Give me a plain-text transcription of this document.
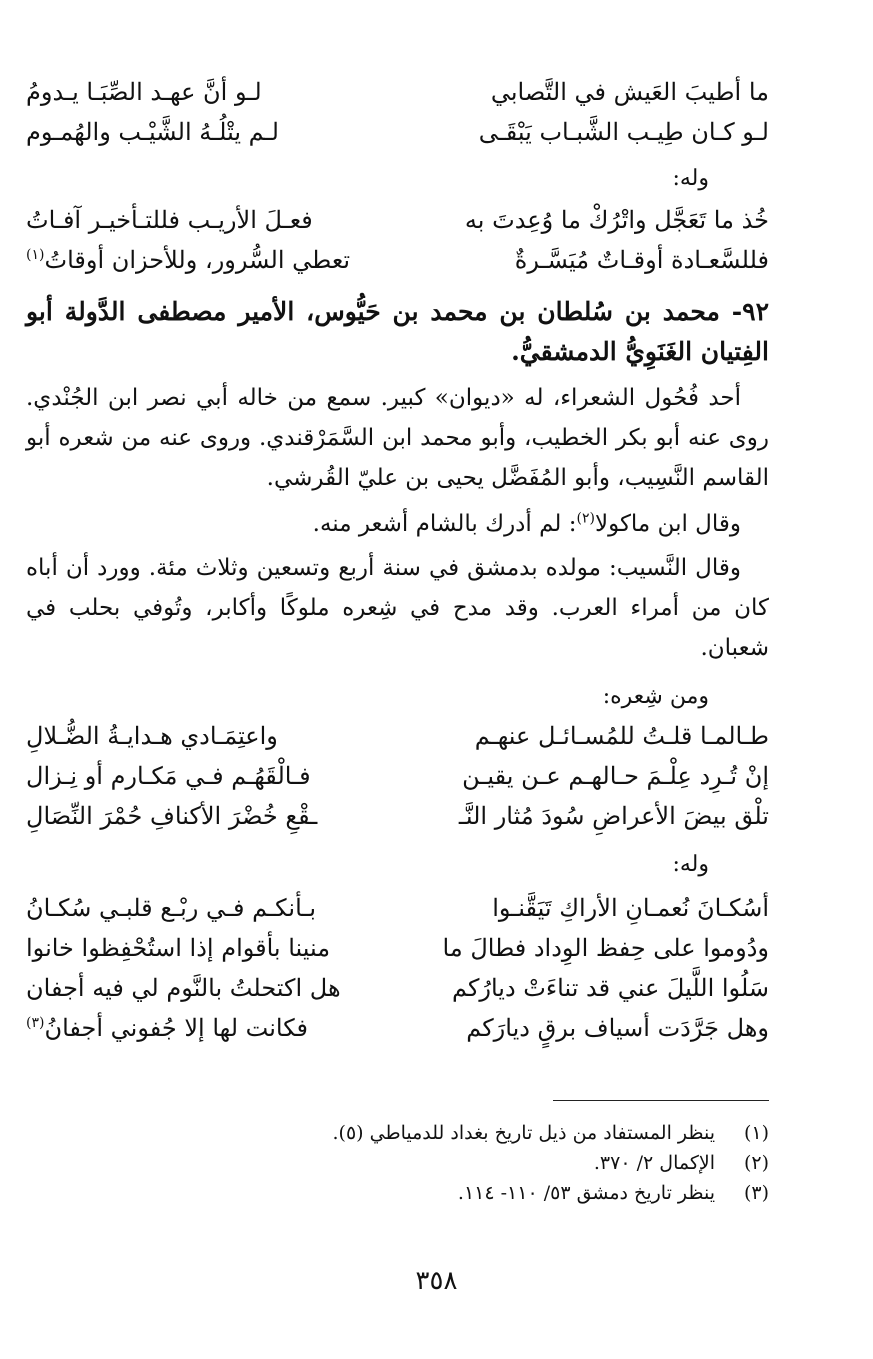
ما أطيبَ العَيش في التَّصابي
لـو أنَّ عهـد الصِّبَـا يـدومُ
لـو كـان طِيـب الشَّبـاب يَبْقَـى
لـم يتْلُـهُ الشَّيْـب والهُمـوم
وله:
خُذ ما تَعَجَّل واتْرُكْ ما وُعِدتَ به
فعـلَ الأريـب فللتـأخيـر آفـاتُ
فللسَّعـادة أوقـاتٌ مُيَسَّـرةٌ
تعطي السُّرور، وللأحزان أوقاتُ$^{(١)}$
٩٢- محمد بن سُلطان بن محمد بن حَيُّوس، الأمير مصطفى الدَّولة أبو الفِتيان الغَنَوِيُّ الدمشقيُّ.
أحد فُحُول الشعراء، له «ديوان» كبير. سمع من خاله أبي نصر ابن الجُنْدي. روى عنه أبو بكر الخطيب، وأبو محمد ابن السَّمَرْقندي. وروى عنه من شعره أبو القاسم النَّسِيب، وأبو المُفَضَّل يحيى بن عليّ القُرشي.
وقال ابن ماكولا$^{(٢)}$: لم أدرك بالشام أشعر منه.
وقال النَّسيب: مولده بدمشق في سنة أربع وتسعين وثلاث مئة. وورد أن أباه كان من أمراء العرب. وقد مدح في شِعره ملوكًا وأكابر، وتُوفي بحلب في شعبان.
ومن شِعره:
طـالمـا قلـتُ للمُسـائـل عنهـم
واعتِمَـادي هـدايـةُ الضُّـلالِ
إنْ تُـرِد عِلْـمَ حـالهـم عـن يقيـن
فـالْقَهُـم فـي مَكـارم أو نِـزال
تلْق بيضَ الأعراضِ سُودَ مُثار النَّـ
ـقْعِ خُضْرَ الأكنافِ حُمْرَ النِّصَالِ
وله:
أسُكـانَ نُعمـانِ الأراكِ تَيَقَّنـوا
بـأنكـم فـي ربْـع قلبـي سُكـانُ
ودُوموا على حِفظ الوِداد فطالَ ما
منينا بأقوام إذا استُحْفِظوا خانوا
سَلُوا اللَّيلَ عني قد تناءَتْ ديارُكم
هل اكتحلتُ بالنَّوم لي فيه أجفان
وهل جَرَّدَت أسياف برقٍ ديارَكم
فكانت لها إلا جُفوني أجفانُ$^{(٣)}$
(١)
ينظر المستفاد من ذيل تاريخ بغداد للدمياطي (٥).
(٢)
الإكمال ٢/ ٣٧٠.
(٣)
ينظر تاريخ دمشق ٥٣/ ١١٠- ١١٤.
٣٥٨
